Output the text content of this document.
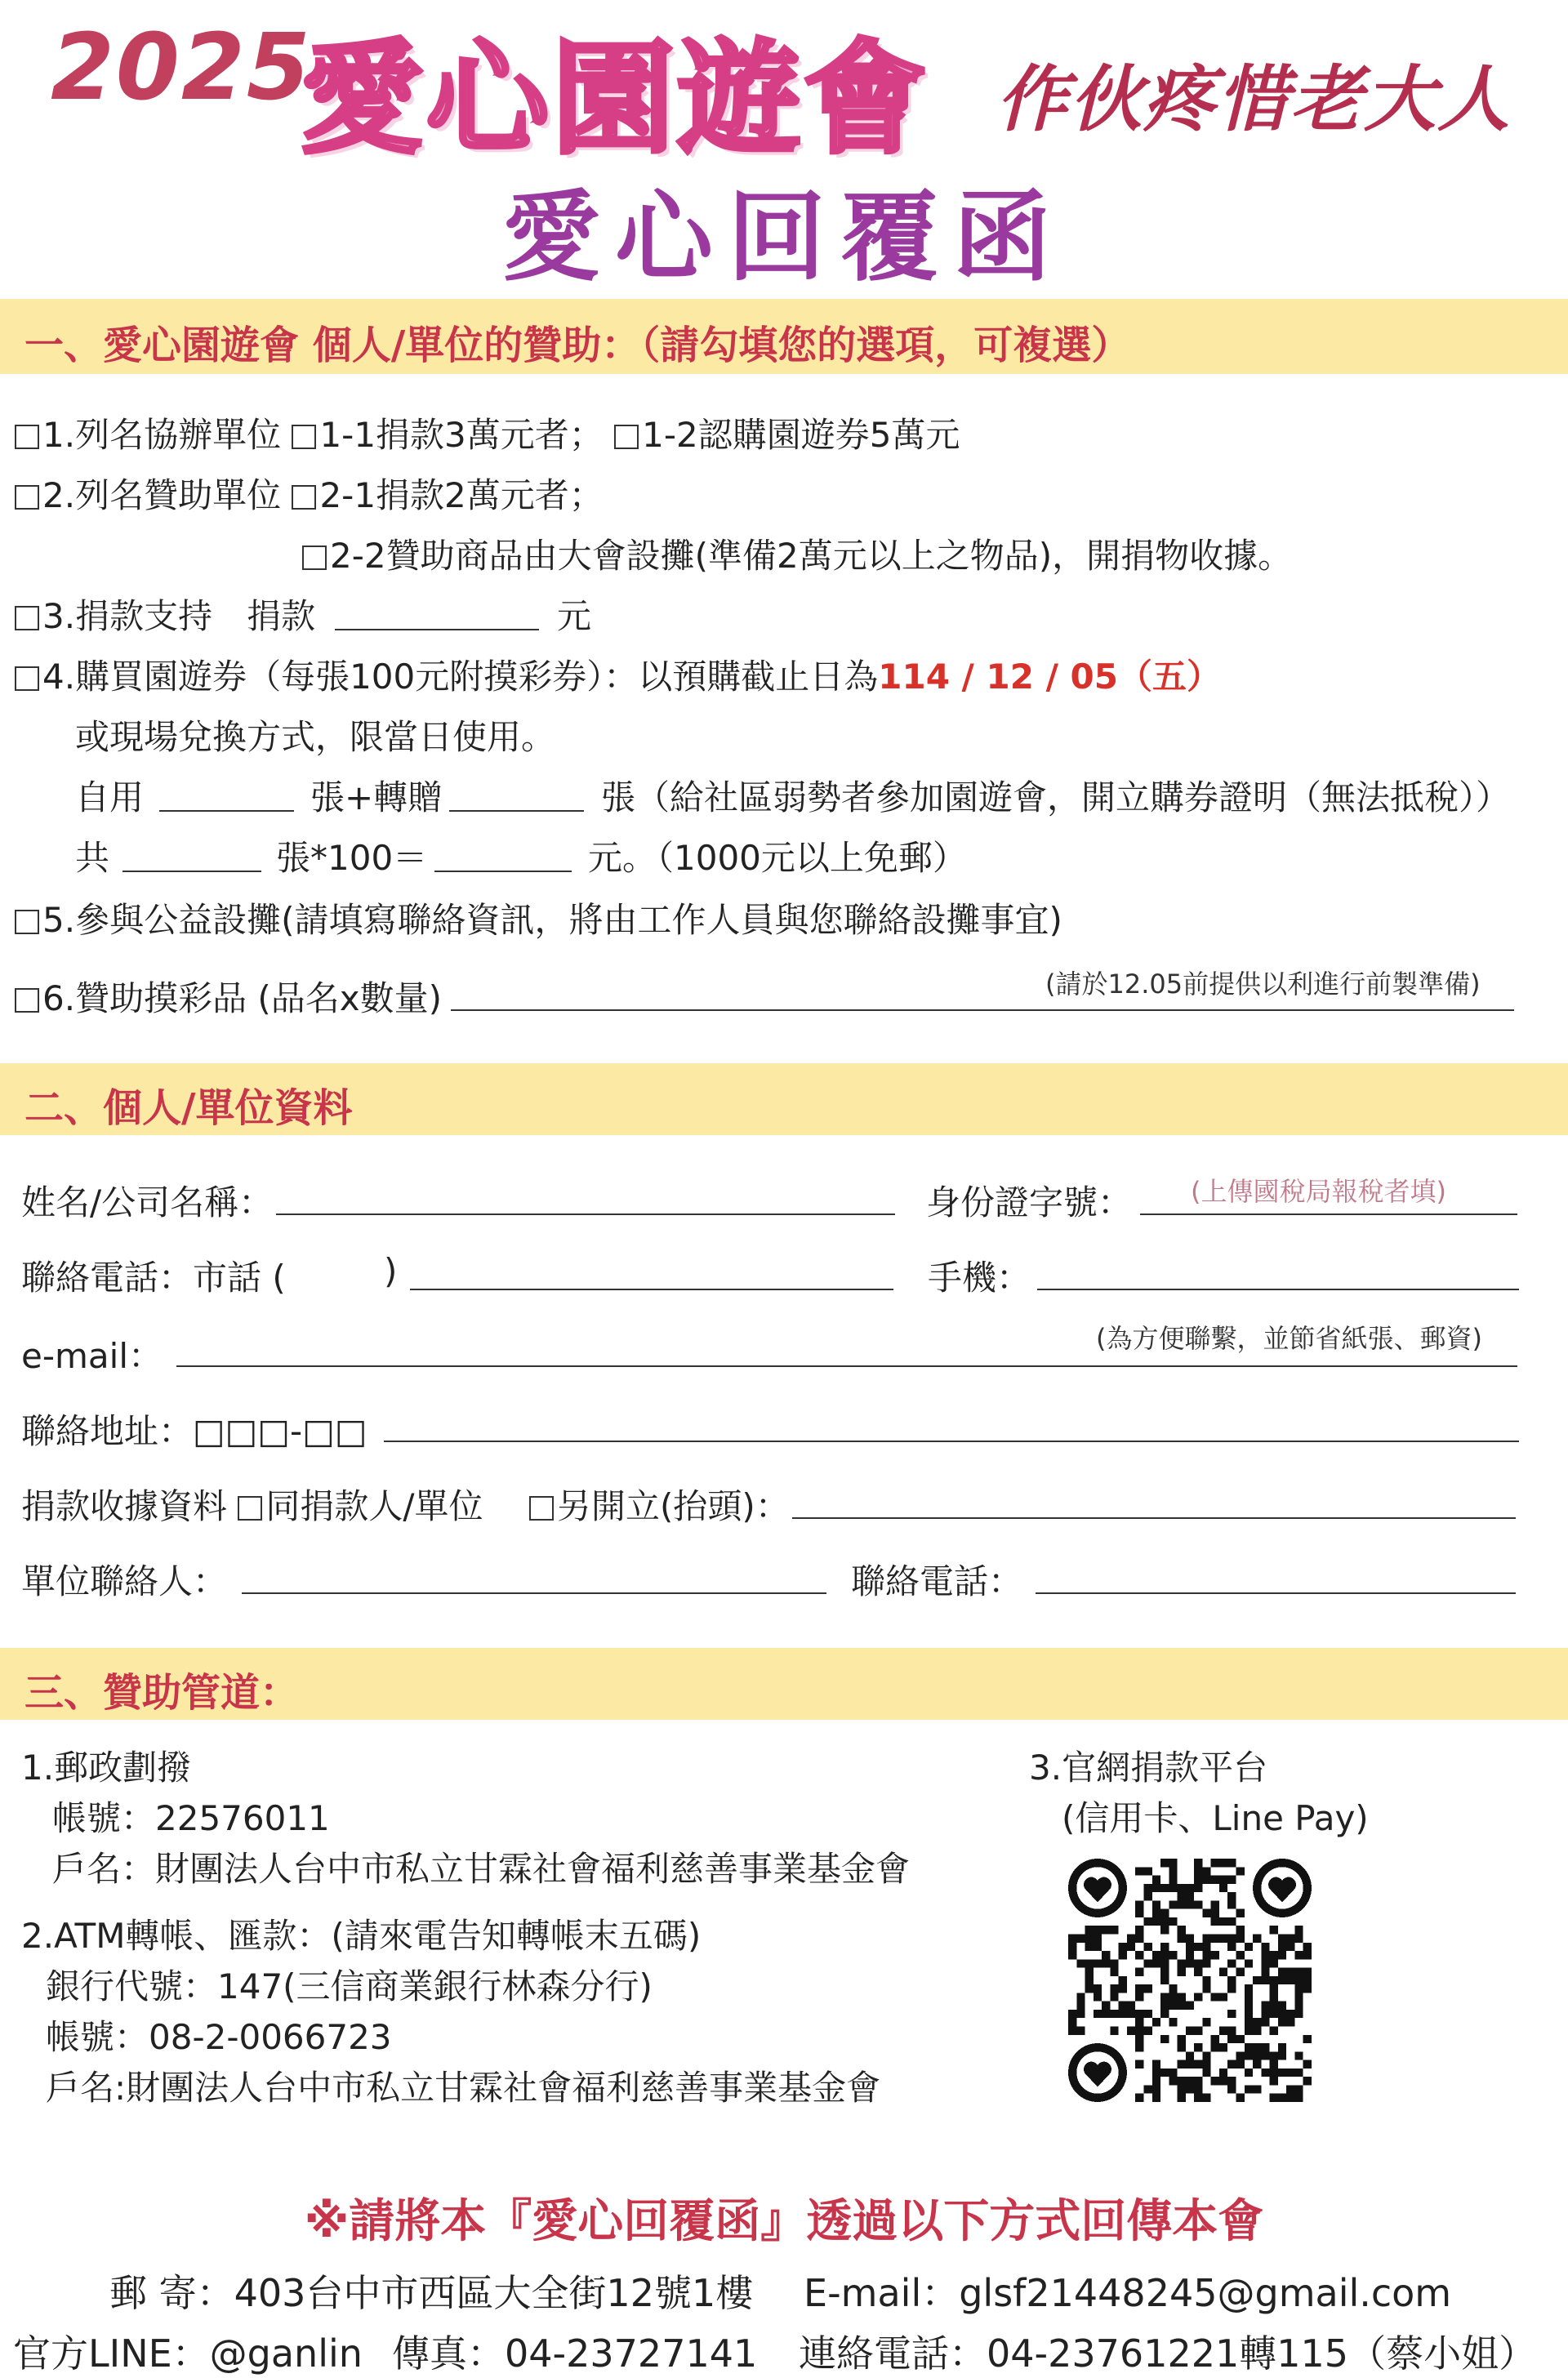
2025
愛心園遊會 作伙疼惜老大人
愛心回覆函
一、愛心園遊會 個人/單位的贊助：（請勾填您的選項，可複選）
1.列名協辦單位 1-1捐款3萬元者； 1-2認購園遊券5萬元
2.列名贊助單位 2-1捐款2萬元者；
2-2贊助商品由大會設攤(準備2萬元以上之物品)，開捐物收據。
3.捐款支持　捐款	元
4.購買園遊券（每張100元附摸彩券）：以預購截止日為114 / 12 / 05（五）
或現場兌換方式，限當日使用。
自用	張+轉贈	張（給社區弱勢者參加園遊會，開立購券證明（無法抵稅））
共	張*100＝	元。（1000元以上免郵）
5.參與公益設攤(請填寫聯絡資訊，將由工作人員與您聯絡設攤事宜)
6.贊助摸彩品 (品名x數量)	(請於12.05前提供以利進行前製準備)
二、個人/單位資料
姓名/公司名稱：	身份證字號： (上傳國稅局報稅者填)
聯絡電話：市話 (	)	手機：
e-mail：	(為方便聯繫，並節省紙張、郵資)
聯絡地址：□□□-□□
捐款收據資料 同捐款人/單位	另開立(抬頭)：
單位聯絡人：	聯絡電話：
三、贊助管道：
1.郵政劃撥
帳號：22576011
戶名：財團法人台中市私立甘霖社會福利慈善事業基金會
2.ATM轉帳、匯款：(請來電告知轉帳末五碼)
銀行代號：147(三信商業銀行林森分行)
帳號：08-2-0066723
戶名:財團法人台中市私立甘霖社會福利慈善事業基金會
3.官網捐款平台
(信用卡、Line Pay)
※請將本『愛心回覆函』透過以下方式回傳本會
郵 寄：403台中市西區大全街12號1樓 E-mail：glsf21448245@gmail.com
官方LINE：@ganlin 傳真：04-23727141 連絡電話：04-23761221轉115（蔡小姐）
